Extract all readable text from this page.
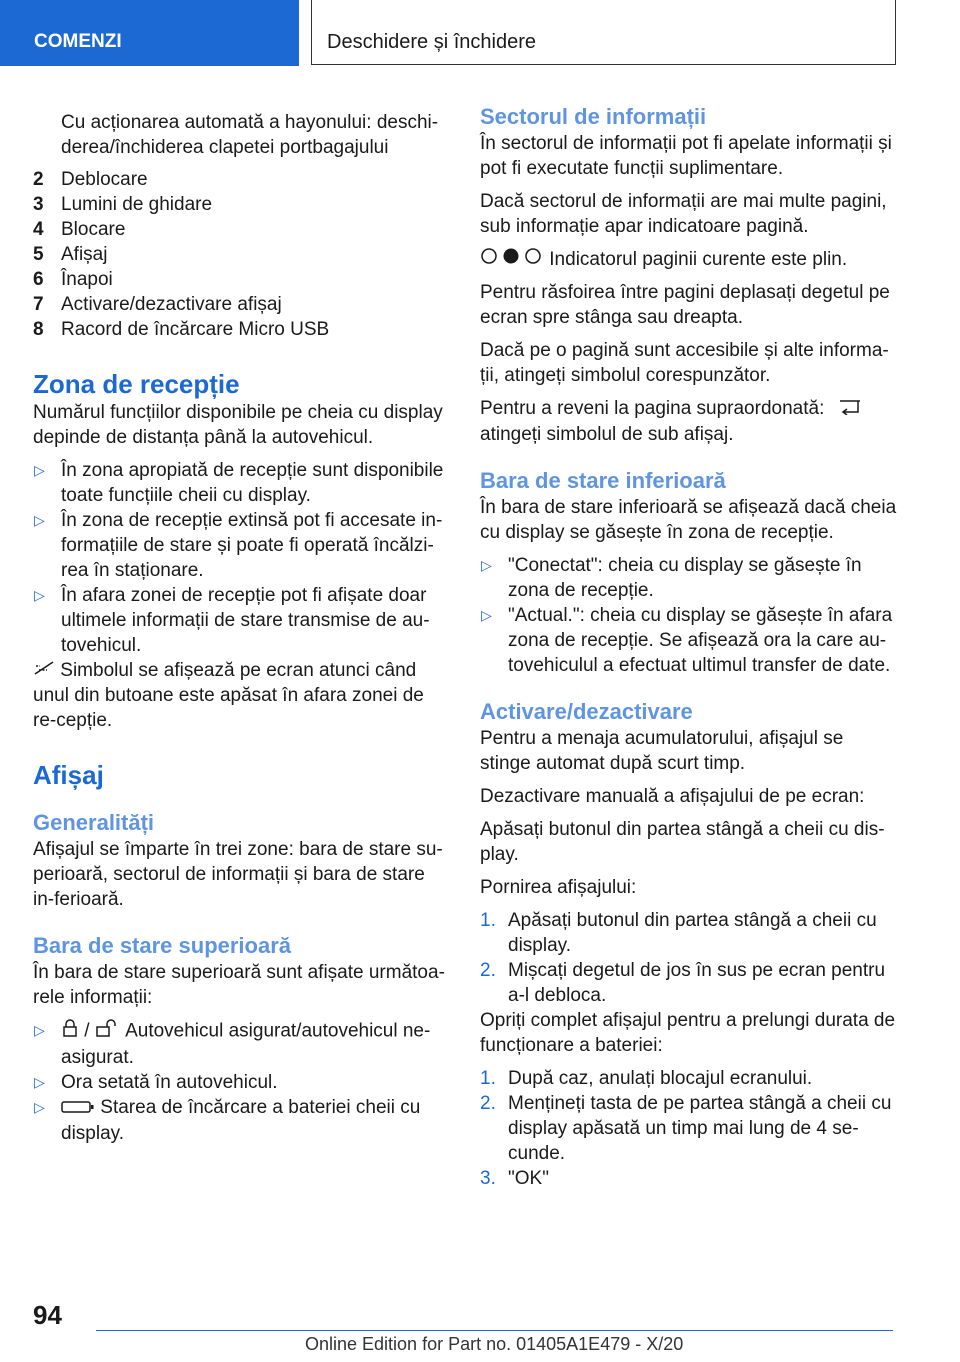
COMENZI	Deschidere și închidere

Cu acționarea automată a hayonului: deschi-derea/închiderea clapetei portbagajului

2 Deblocare

3 Lumini de ghidare

4 Blocare

5 Afișaj

6 Înapoi

7 Activare/dezactivare afișaj

8 Racord de încărcare Micro USB

Zona de recepție

Numărul funcțiilor disponibile pe cheia cu display depinde de distanța până la autovehicul.

▷ În zona apropiată de recepție sunt disponibile toate funcțiile cheii cu display.

▷ În zona de recepție extinsă pot fi accesate in-formațiile de stare și poate fi operată încălzi-rea în staționare.

▷ În afara zonei de recepție pot fi afișate doar ultimele informații de stare transmise de au-tovehicul.

Simbolul se afișează pe ecran atunci când unul din butoane este apăsat în afara zonei de re-cepție.

Afișaj

Generalități

Afișajul se împarte în trei zone: bara de stare su-perioară, sectorul de informații și bara de stare in-ferioară.

Bara de stare superioară

În bara de stare superioară sunt afișate următoa-rele informații:

▷ / Autovehicul asigurat/autovehicul ne-asigurat.

▷ Ora setată în autovehicul.

▷	Starea de încărcare a bateriei cheii cu display.

Sectorul de informații

În sectorul de informații pot fi apelate informații și pot fi executate funcții suplimentare.

Dacă sectorul de informații are mai multe pagini, sub informație apar indicatoare pagină.

Indicatorul paginii curente este plin.

Pentru răsfoirea între pagini deplasați degetul pe ecran spre stânga sau dreapta.

Dacă pe o pagină sunt accesibile și alte informa-ții, atingeți simbolul corespunzător.

Pentru a reveni la pagina supraordonată:
atingeți simbolul de sub afișaj.

Bara de stare inferioară

În bara de stare inferioară se afișează dacă cheia cu display se găsește în zona de recepție.

▷ "Conectat": cheia cu display se găsește în zona de recepție.

▷ "Actual.": cheia cu display se găsește în afara zona de recepție. Se afișează ora la care au-tovehiculul a efectuat ultimul transfer de date.

Activare/dezactivare

Pentru a menaja acumulatorului, afișajul se stinge automat după scurt timp.

Dezactivare manuală a afișajului de pe ecran:

Apăsați butonul din partea stângă a cheii cu dis-play.

Pornirea afișajului:

1. Apăsați butonul din partea stângă a cheii cu display.

2. Mișcați degetul de jos în sus pe ecran pentru a-l debloca.

Opriți complet afișajul pentru a prelungi durata de funcționare a bateriei:

1. După caz, anulați blocajul ecranului.

2. Mențineți tasta de pe partea stângă a cheii cu display apăsată un timp mai lung de 4 se-cunde.

3. "OK"

94
Online Edition for Part no. 01405A1E479 - X/20
